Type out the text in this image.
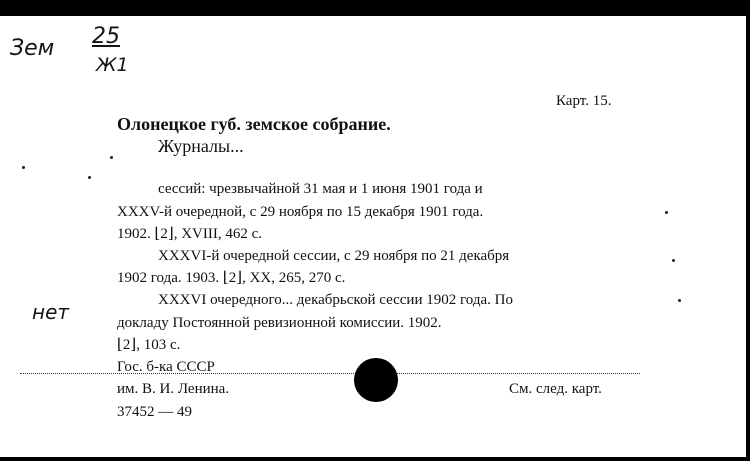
Зем 25
Ж1
нет
Карт. 15.
Олонецкое губ. земское собрание.
Журналы...
сессий: чрезвычайной 31 мая и 1 июня 1901 года и
XXXV-й очередной, с 29 ноября по 15 декабря 1901 года.
1902. ⌊2⌋, XVIII, 462 с.
XXXVI-й очередной сессии, с 29 ноября по 21 декабря
1902 года. 1903. ⌊2⌋, XX, 265, 270 с.
XXXVI очередного... декабрьской сессии 1902 года. По
докладу Постоянной ревизионной комиссии. 1902.
⌊2⌋, 103 с.
Гос. б-ка СССР
им. В. И. Ленина.
37452 — 49
См. след. карт.
